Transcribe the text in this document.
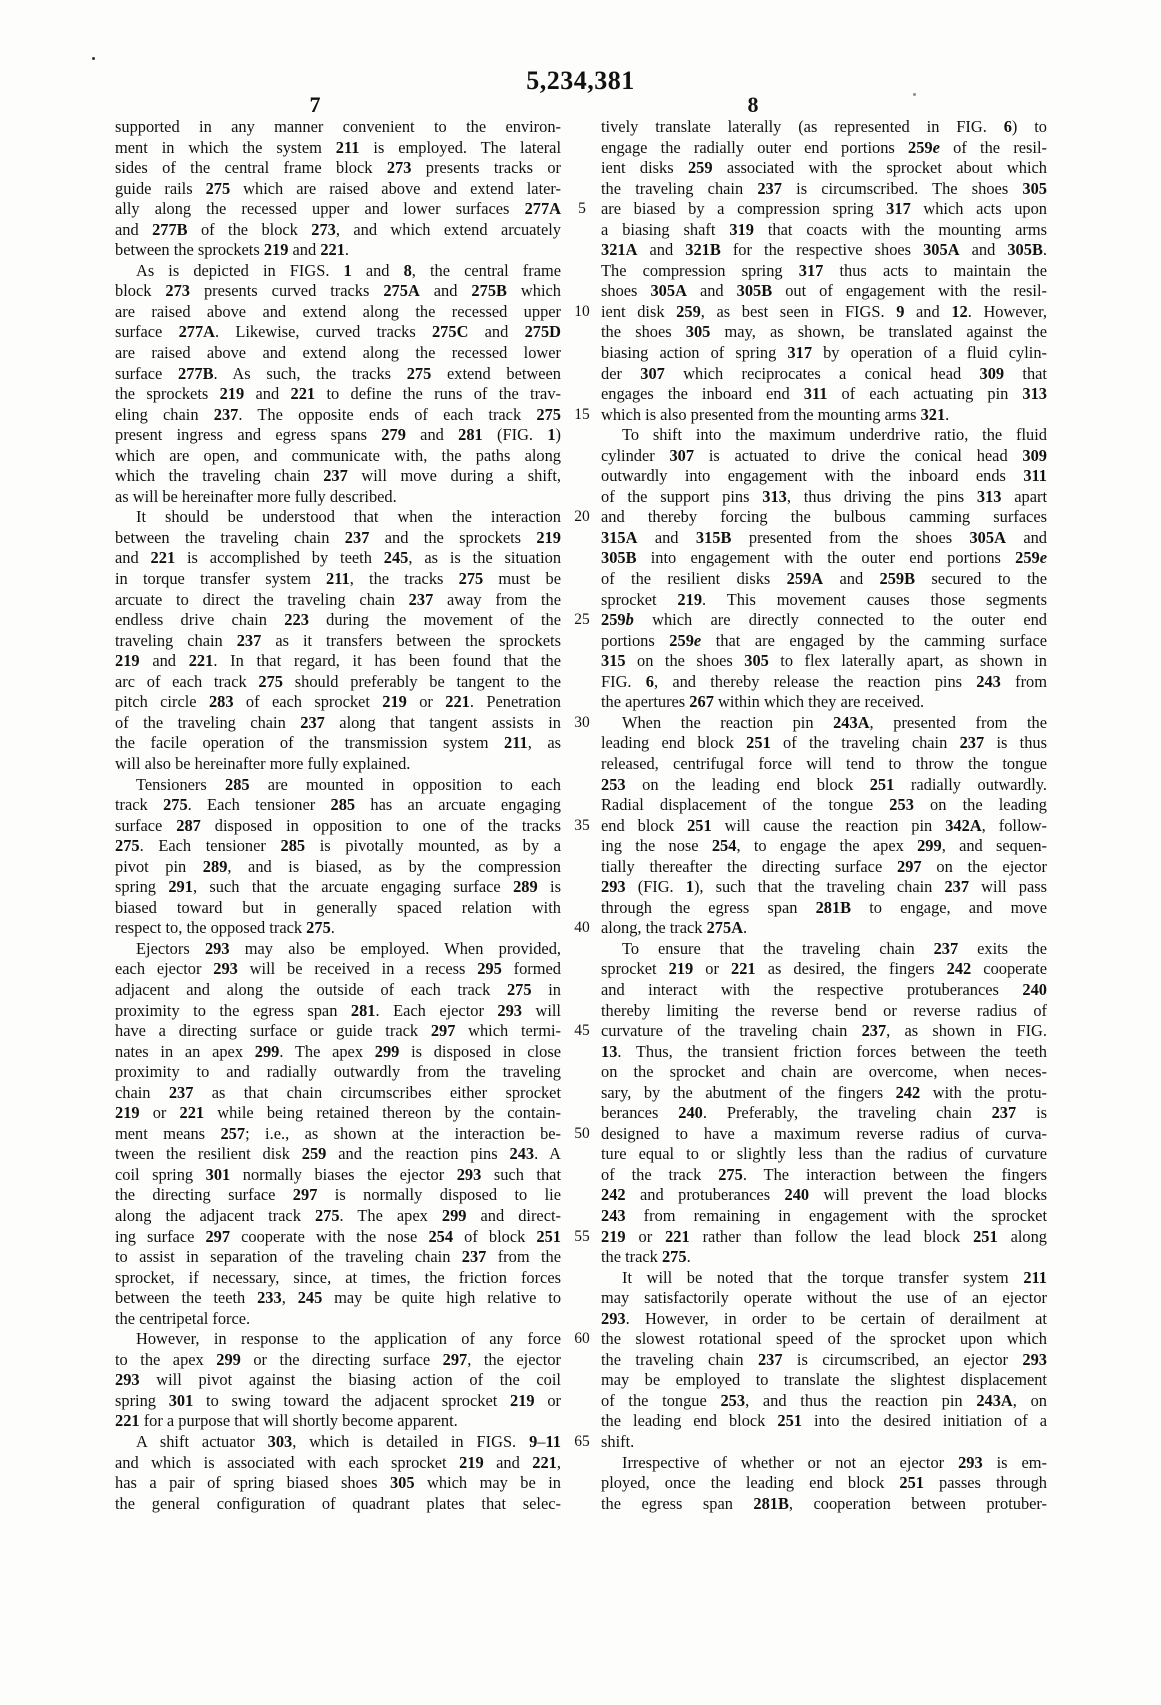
5,234,381
7	8
supported in any manner convenient to the environ-
ment in which the system 211 is employed. The lateral
sides of the central frame block 273 presents tracks or
guide rails 275 which are raised above and extend later-
ally along the recessed upper and lower surfaces 277A
and 277B of the block 273, and which extend arcuately
between the sprockets 219 and 221.
As is depicted in FIGS. 1 and 8, the central frame
block 273 presents curved tracks 275A and 275B which
are raised above and extend along the recessed upper
surface 277A. Likewise, curved tracks 275C and 275D
are raised above and extend along the recessed lower
surface 277B. As such, the tracks 275 extend between
the sprockets 219 and 221 to define the runs of the trav-
eling chain 237. The opposite ends of each track 275
present ingress and egress spans 279 and 281 (FIG. 1)
which are open, and communicate with, the paths along
which the traveling chain 237 will move during a shift,
as will be hereinafter more fully described.
It should be understood that when the interaction
between the traveling chain 237 and the sprockets 219
and 221 is accomplished by teeth 245, as is the situation
in torque transfer system 211, the tracks 275 must be
arcuate to direct the traveling chain 237 away from the
endless drive chain 223 during the movement of the
traveling chain 237 as it transfers between the sprockets
219 and 221. In that regard, it has been found that the
arc of each track 275 should preferably be tangent to the
pitch circle 283 of each sprocket 219 or 221. Penetration
of the traveling chain 237 along that tangent assists in
the facile operation of the transmission system 211, as
will also be hereinafter more fully explained.
Tensioners 285 are mounted in opposition to each
track 275. Each tensioner 285 has an arcuate engaging
surface 287 disposed in opposition to one of the tracks
275. Each tensioner 285 is pivotally mounted, as by a
pivot pin 289, and is biased, as by the compression
spring 291, such that the arcuate engaging surface 289 is
biased toward but in generally spaced relation with
respect to, the opposed track 275.
Ejectors 293 may also be employed. When provided,
each ejector 293 will be received in a recess 295 formed
adjacent and along the outside of each track 275 in
proximity to the egress span 281. Each ejector 293 will
have a directing surface or guide track 297 which termi-
nates in an apex 299. The apex 299 is disposed in close
proximity to and radially outwardly from the traveling
chain 237 as that chain circumscribes either sprocket
219 or 221 while being retained thereon by the contain-
ment means 257; i.e., as shown at the interaction be-
tween the resilient disk 259 and the reaction pins 243. A
coil spring 301 normally biases the ejector 293 such that
the directing surface 297 is normally disposed to lie
along the adjacent track 275. The apex 299 and direct-
ing surface 297 cooperate with the nose 254 of block 251
to assist in separation of the traveling chain 237 from the
sprocket, if necessary, since, at times, the friction forces
between the teeth 233, 245 may be quite high relative to
the centripetal force.
However, in response to the application of any force
to the apex 299 or the directing surface 297, the ejector
293 will pivot against the biasing action of the coil
spring 301 to swing toward the adjacent sprocket 219 or
221 for a purpose that will shortly become apparent.
A shift actuator 303, which is detailed in FIGS. 9–11
and which is associated with each sprocket 219 and 221,
has a pair of spring biased shoes 305 which may be in
the general configuration of quadrant plates that selec-
5
10
15
20
25
30
35
40
45
50
55
60
65
tively translate laterally (as represented in FIG. 6) to
engage the radially outer end portions 259e of the resil-
ient disks 259 associated with the sprocket about which
the traveling chain 237 is circumscribed. The shoes 305
are biased by a compression spring 317 which acts upon
a biasing shaft 319 that coacts with the mounting arms
321A and 321B for the respective shoes 305A and 305B.
The compression spring 317 thus acts to maintain the
shoes 305A and 305B out of engagement with the resil-
ient disk 259, as best seen in FIGS. 9 and 12. However,
the shoes 305 may, as shown, be translated against the
biasing action of spring 317 by operation of a fluid cylin-
der 307 which reciprocates a conical head 309 that
engages the inboard end 311 of each actuating pin 313
which is also presented from the mounting arms 321.
To shift into the maximum underdrive ratio, the fluid
cylinder 307 is actuated to drive the conical head 309
outwardly into engagement with the inboard ends 311
of the support pins 313, thus driving the pins 313 apart
and thereby forcing the bulbous camming surfaces
315A and 315B presented from the shoes 305A and
305B into engagement with the outer end portions 259e
of the resilient disks 259A and 259B secured to the
sprocket 219. This movement causes those segments
259b which are directly connected to the outer end
portions 259e that are engaged by the camming surface
315 on the shoes 305 to flex laterally apart, as shown in
FIG. 6, and thereby release the reaction pins 243 from
the apertures 267 within which they are received.
When the reaction pin 243A, presented from the
leading end block 251 of the traveling chain 237 is thus
released, centrifugal force will tend to throw the tongue
253 on the leading end block 251 radially outwardly.
Radial displacement of the tongue 253 on the leading
end block 251 will cause the reaction pin 342A, follow-
ing the nose 254, to engage the apex 299, and sequen-
tially thereafter the directing surface 297 on the ejector
293 (FIG. 1), such that the traveling chain 237 will pass
through the egress span 281B to engage, and move
along, the track 275A.
To ensure that the traveling chain 237 exits the
sprocket 219 or 221 as desired, the fingers 242 cooperate
and interact with the respective protuberances 240
thereby limiting the reverse bend or reverse radius of
curvature of the traveling chain 237, as shown in FIG.
13. Thus, the transient friction forces between the teeth
on the sprocket and chain are overcome, when neces-
sary, by the abutment of the fingers 242 with the protu-
berances 240. Preferably, the traveling chain 237 is
designed to have a maximum reverse radius of curva-
ture equal to or slightly less than the radius of curvature
of the track 275. The interaction between the fingers
242 and protuberances 240 will prevent the load blocks
243 from remaining in engagement with the sprocket
219 or 221 rather than follow the lead block 251 along
the track 275.
It will be noted that the torque transfer system 211
may satisfactorily operate without the use of an ejector
293. However, in order to be certain of derailment at
the slowest rotational speed of the sprocket upon which
the traveling chain 237 is circumscribed, an ejector 293
may be employed to translate the slightest displacement
of the tongue 253, and thus the reaction pin 243A, on
the leading end block 251 into the desired initiation of a
shift.
Irrespective of whether or not an ejector 293 is em-
ployed, once the leading end block 251 passes through
the egress span 281B, cooperation between protuber-
